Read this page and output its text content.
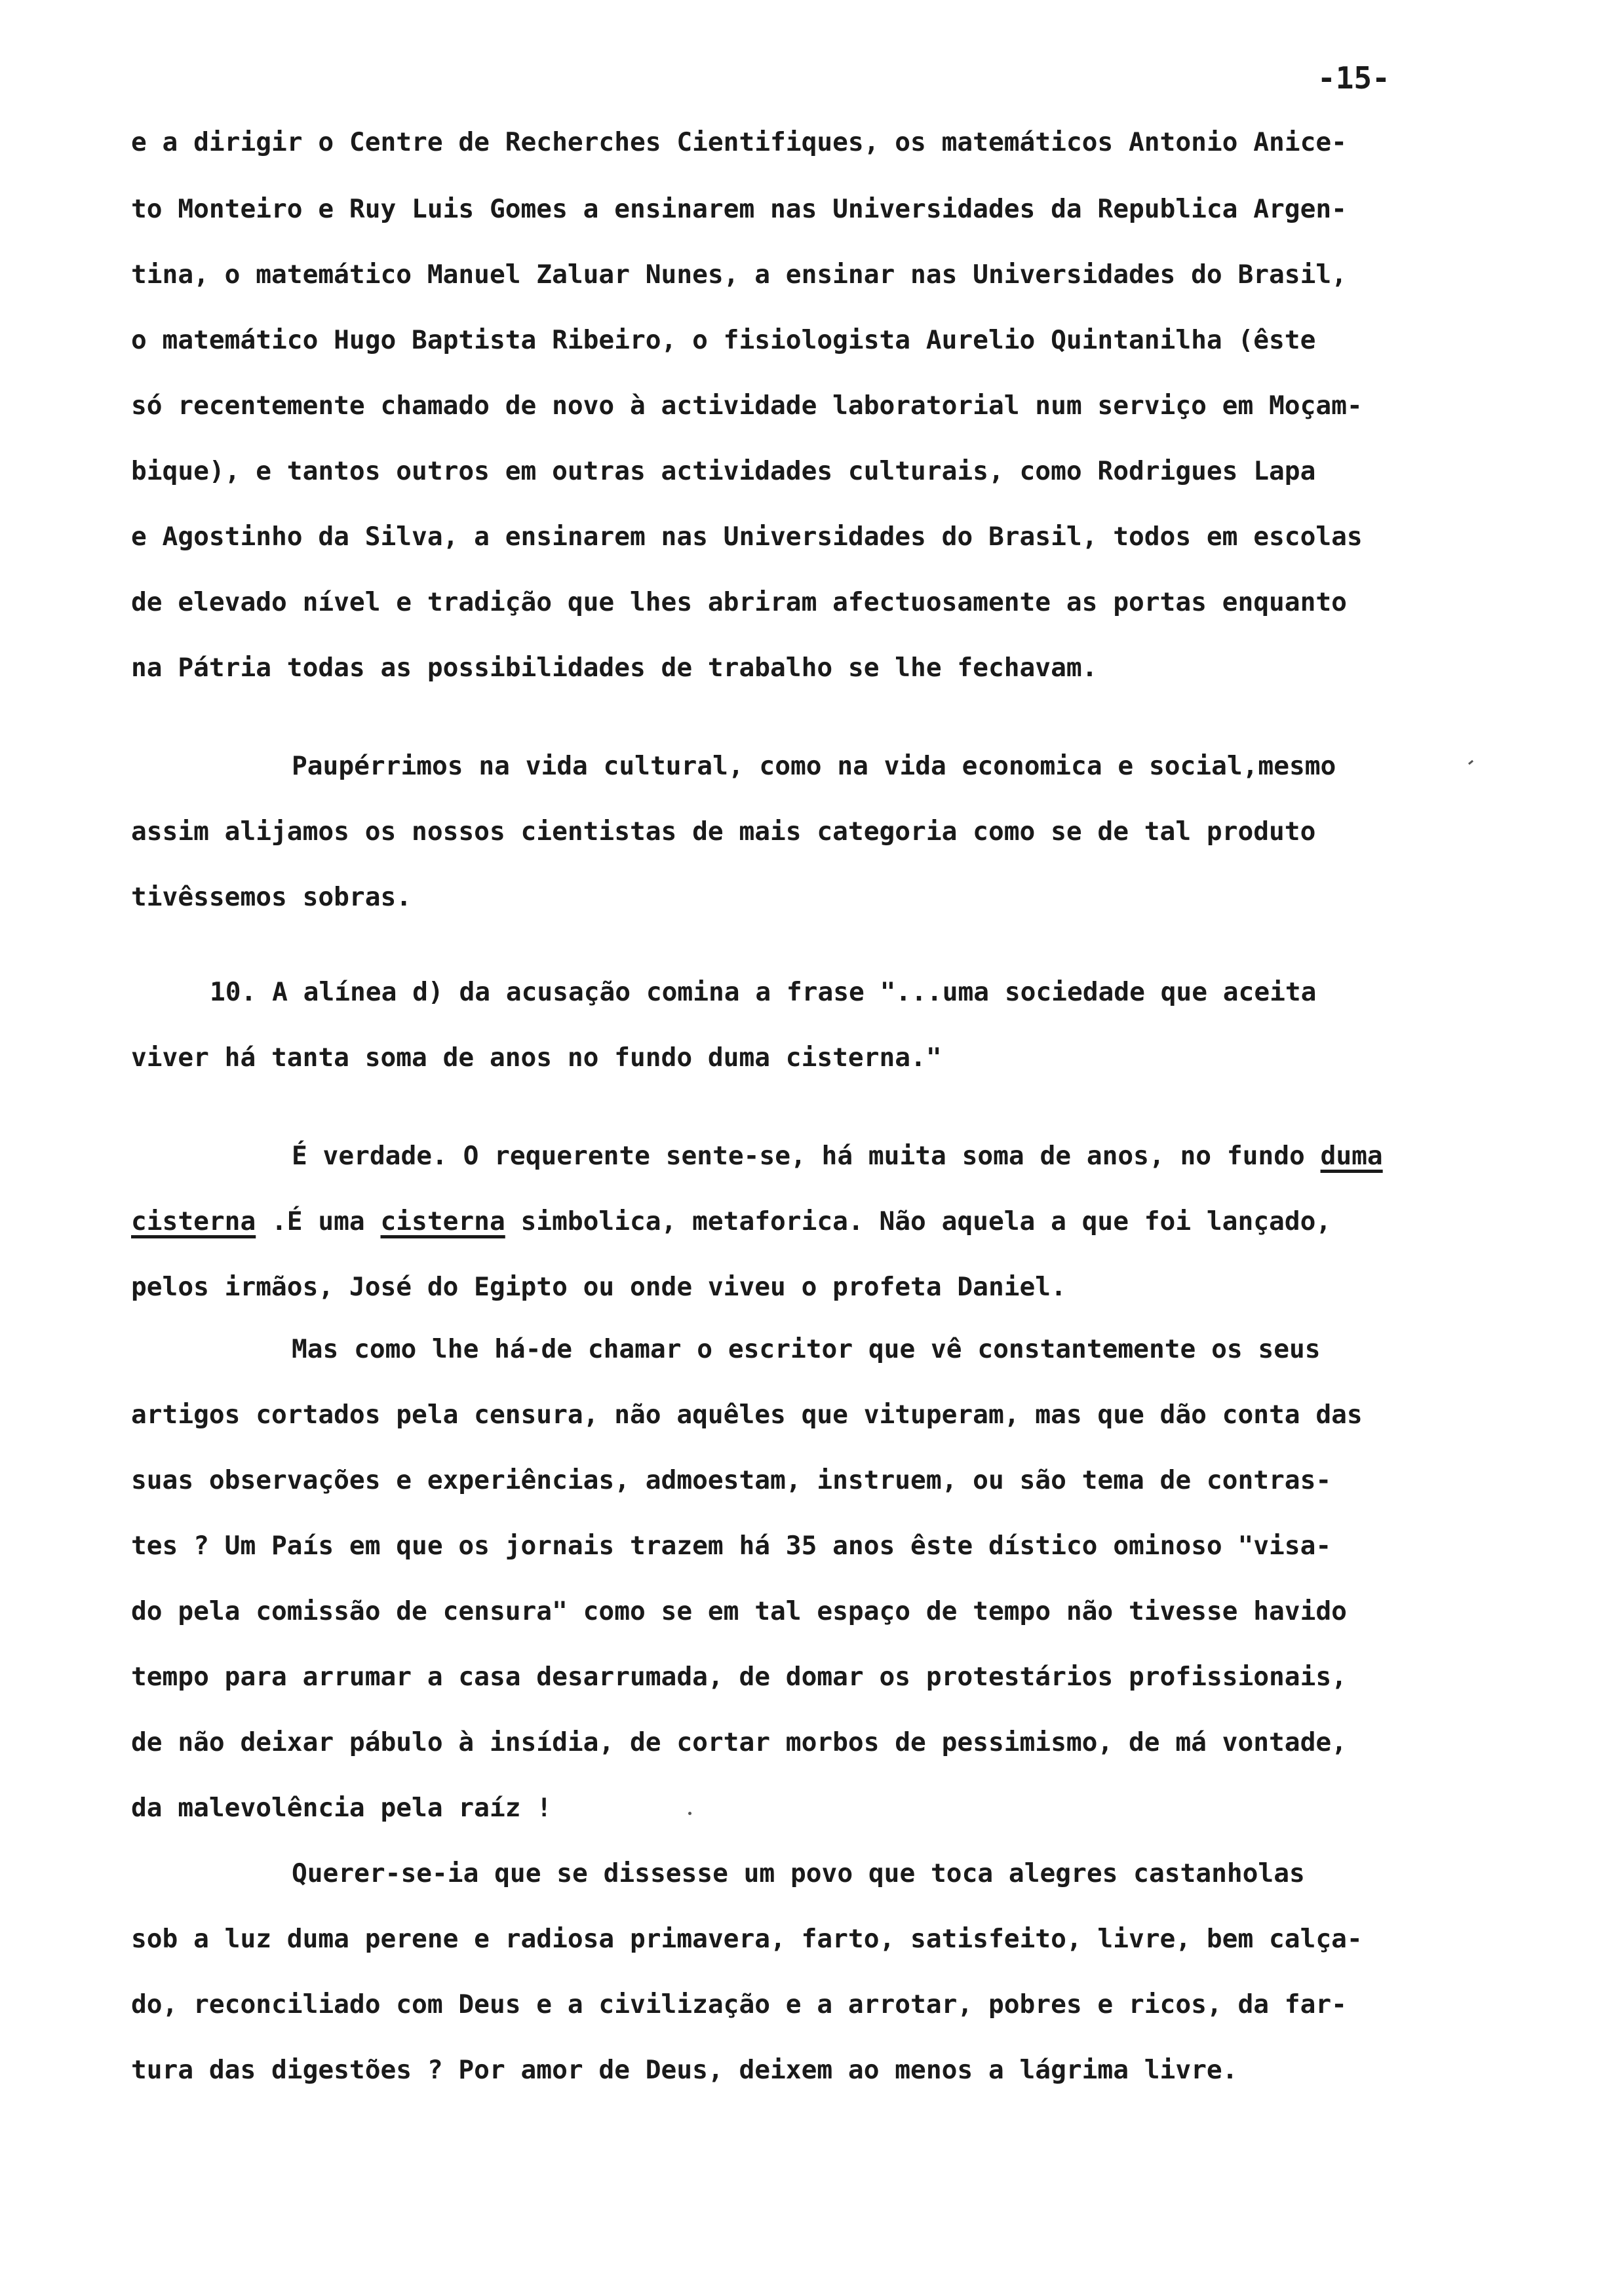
-15-
e a dirigir o Centre de Recherches Cientifiques, os matemáticos Antonio Anice-
to Monteiro e Ruy Luis Gomes a ensinarem nas Universidades da Republica Argen-
tina, o matemático Manuel Zaluar Nunes, a ensinar nas Universidades do Brasil,
o matemático Hugo Baptista Ribeiro, o fisiologista Aurelio Quintanilha (êste
só recentemente chamado de novo à actividade laboratorial num serviço em Moçam-
bique), e tantos outros em outras actividades culturais, como Rodrigues Lapa
e Agostinho da Silva, a ensinarem nas Universidades do Brasil, todos em escolas
de elevado nível e tradição que lhes abriram afectuosamente as portas enquanto
na Pátria todas as possibilidades de trabalho se lhe fechavam.
Paupérrimos na vida cultural, como na vida economica e social,mesmo
assim alijamos os nossos cientistas de mais categoria como se de tal produto
tivêssemos sobras.
10. A alínea d) da acusação comina a frase "...uma sociedade que aceita
viver há tanta soma de anos no fundo duma cisterna."
É verdade. O requerente sente-se, há muita soma de anos, no fundo duma
cisterna .É uma cisterna simbolica, metaforica. Não aquela a que foi lançado,
pelos irmãos, José do Egipto ou onde viveu o profeta Daniel.
Mas como lhe há-de chamar o escritor que vê constantemente os seus
artigos cortados pela censura, não aquêles que vituperam, mas que dão conta das
suas observações e experiências, admoestam, instruem, ou são tema de contras-
tes ? Um País em que os jornais trazem há 35 anos êste dístico ominoso "visa-
do pela comissão de censura" como se em tal espaço de tempo não tivesse havido
tempo para arrumar a casa desarrumada, de domar os protestários profissionais,
de não deixar pábulo à insídia, de cortar morbos de pessimismo, de má vontade,
da malevolência pela raíz !
Querer-se-ia que se dissesse um povo que toca alegres castanholas
sob a luz duma perene e radiosa primavera, farto, satisfeito, livre, bem calça-
do, reconciliado com Deus e a civilização e a arrotar, pobres e ricos, da far-
tura das digestões ? Por amor de Deus, deixem ao menos a lágrima livre.
